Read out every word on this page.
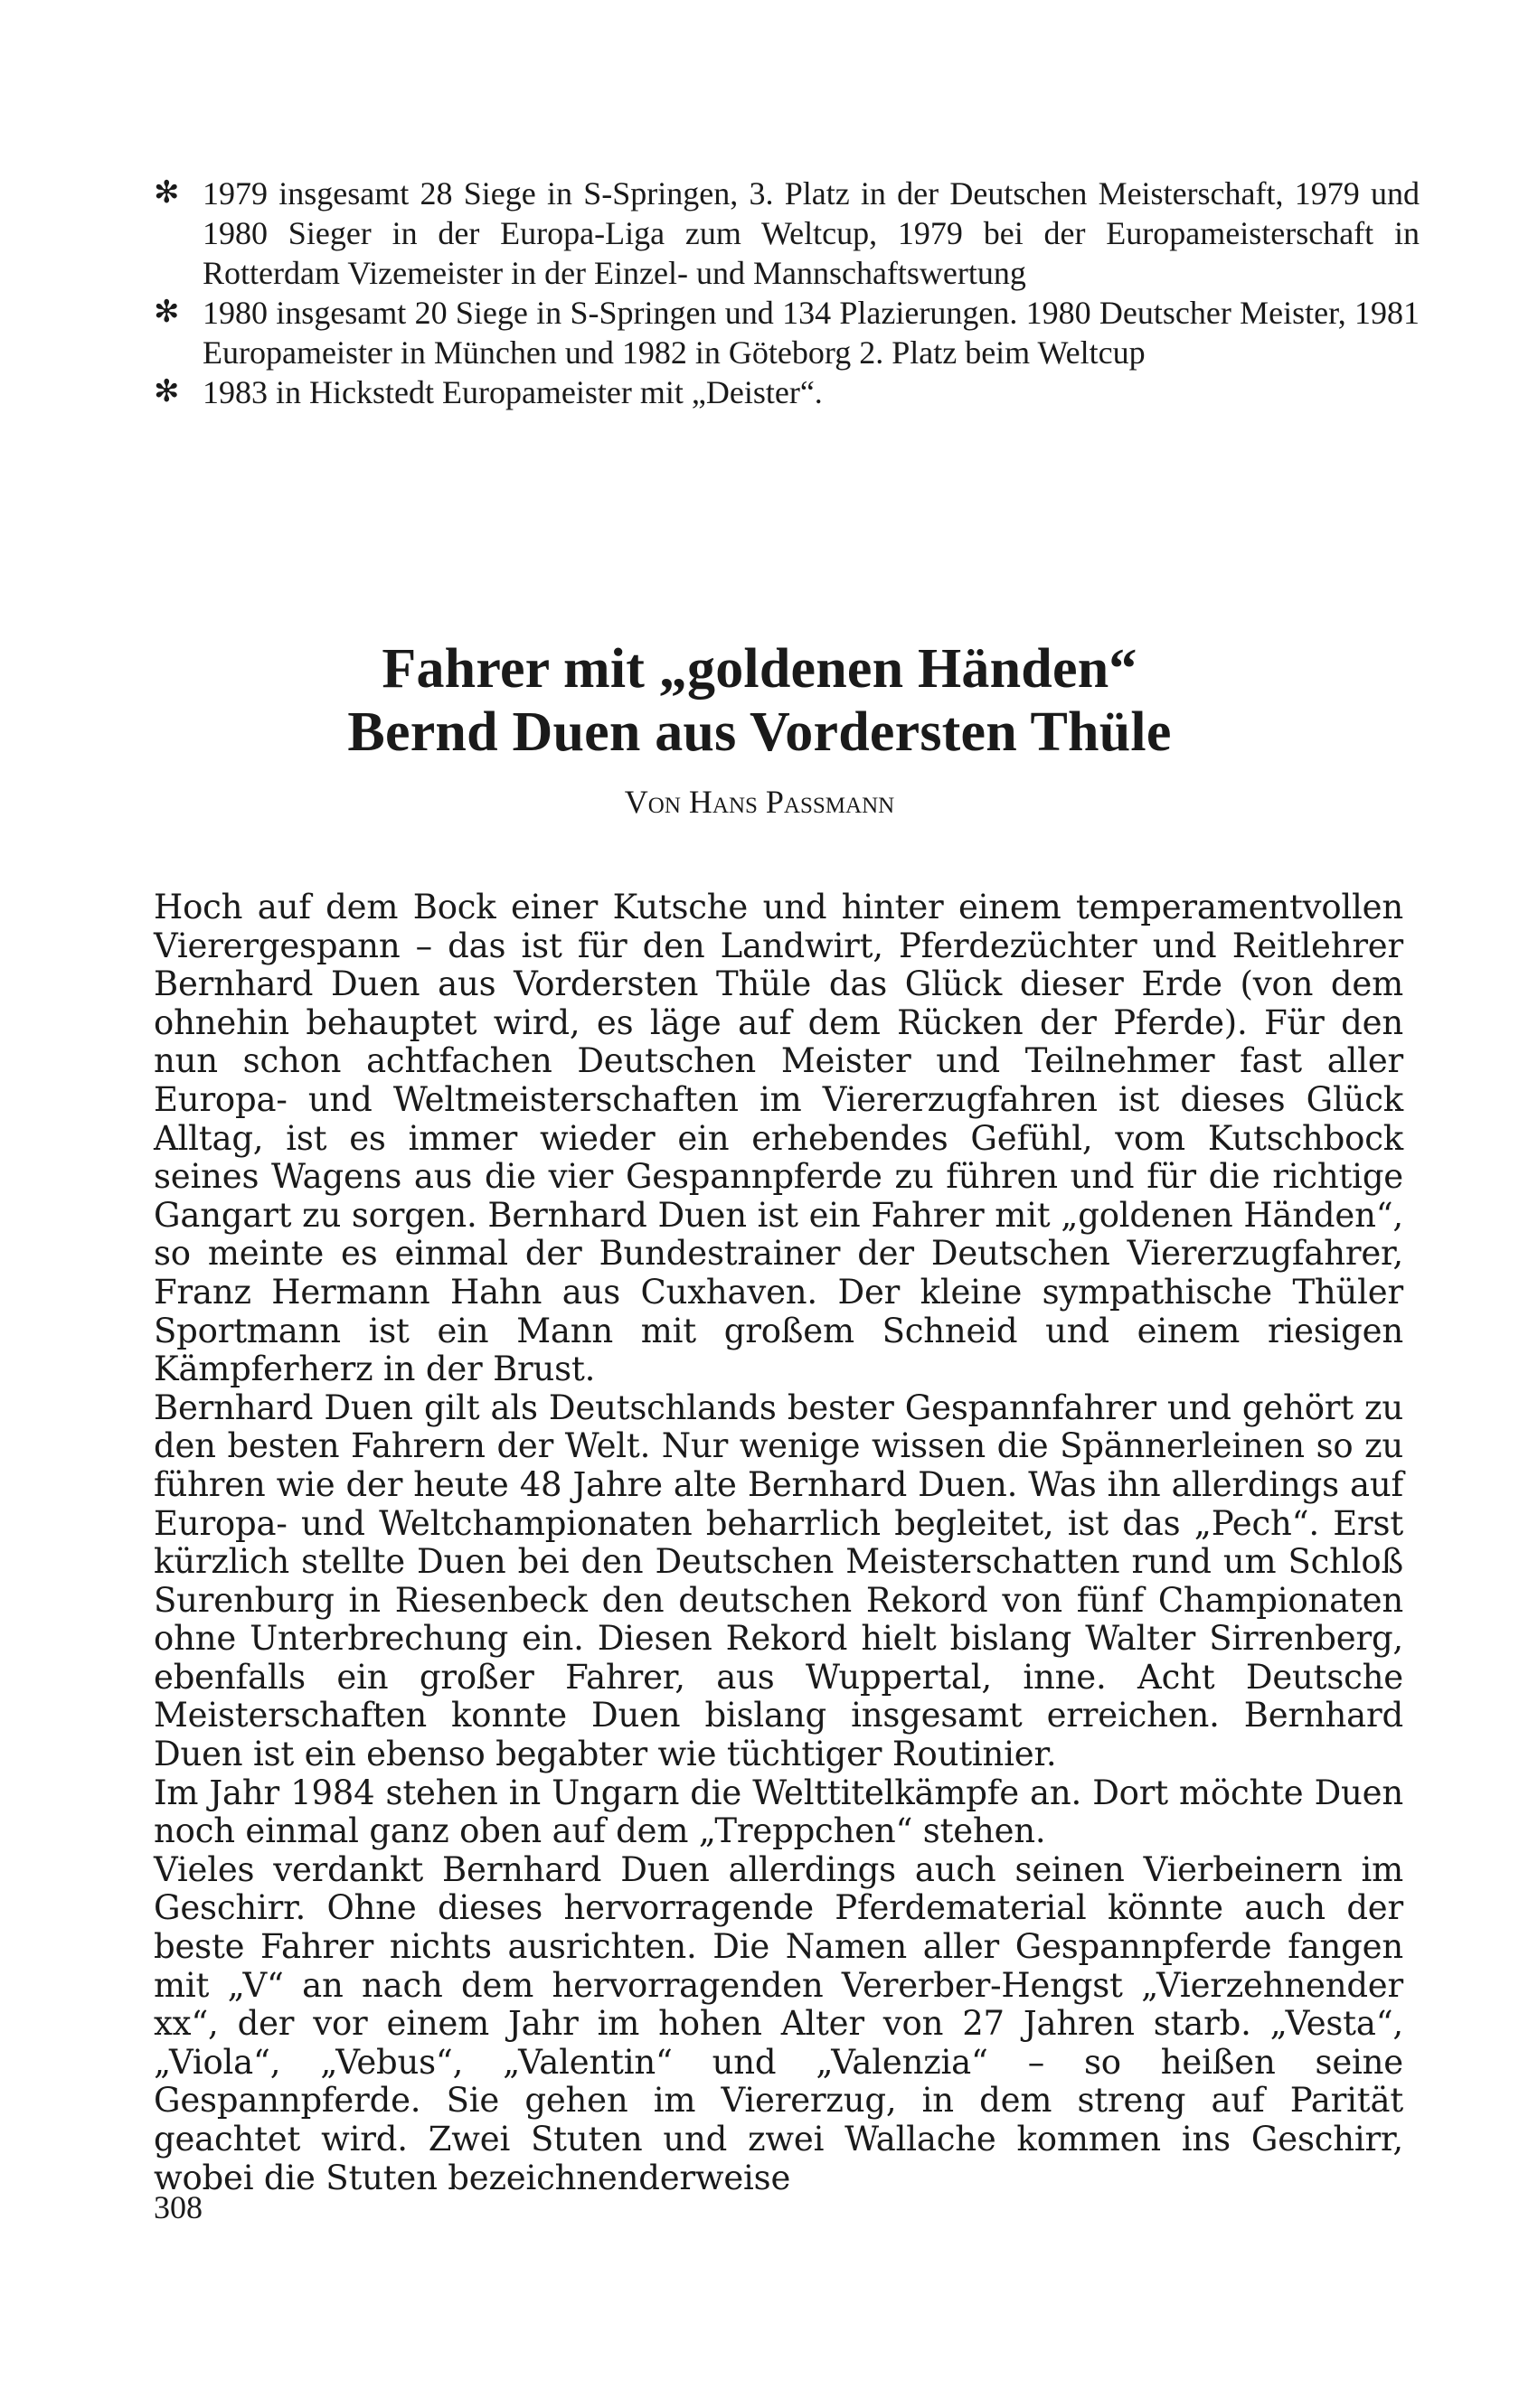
✻ 1979 insgesamt 28 Siege in S-Springen, 3. Platz in der Deutschen Meisterschaft, 1979 und 1980 Sieger in der Europa-Liga zum Weltcup, 1979 bei der Europameisterschaft in Rotterdam Vizemeister in der Einzel- und Mannschaftswertung
✻ 1980 insgesamt 20 Siege in S-Springen und 134 Plazierungen. 1980 Deutscher Meister, 1981 Europameister in München und 1982 in Göteborg 2. Platz beim Weltcup
✻ 1983 in Hickstedt Europameister mit „Deister“.
Fahrer mit „goldenen Händen“
Bernd Duen aus Vordersten Thüle
Von Hans Passmann

Hoch auf dem Bock einer Kutsche und hinter einem temperamentvollen Vierergespann – das ist für den Landwirt, Pferdezüchter und Reitlehrer Bernhard Duen aus Vordersten Thüle das Glück dieser Erde (von dem ohnehin behauptet wird, es läge auf dem Rücken der Pferde). Für den nun schon achtfachen Deutschen Meister und Teilnehmer fast aller Europa- und Weltmeisterschaften im Viererzugfahren ist dieses Glück Alltag, ist es immer wieder ein erhebendes Gefühl, vom Kutschbock seines Wagens aus die vier Gespannpferde zu führen und für die richtige Gangart zu sorgen. Bernhard Duen ist ein Fahrer mit „goldenen Händen“, so meinte es einmal der Bundestrainer der Deutschen Viererzugfahrer, Franz Hermann Hahn aus Cuxhaven. Der kleine sympathische Thüler Sportmann ist ein Mann mit großem Schneid und einem riesigen Kämpferherz in der Brust.

Bernhard Duen gilt als Deutschlands bester Gespannfahrer und gehört zu den besten Fahrern der Welt. Nur wenige wissen die Spännerleinen so zu führen wie der heute 48 Jahre alte Bernhard Duen. Was ihn allerdings auf Europa- und Weltchampionaten beharrlich begleitet, ist das „Pech“. Erst kürzlich stellte Duen bei den Deutschen Meisterschatten rund um Schloß Surenburg in Riesenbeck den deutschen Rekord von fünf Championaten ohne Unterbrechung ein. Diesen Rekord hielt bislang Walter Sirrenberg, ebenfalls ein großer Fahrer, aus Wuppertal, inne. Acht Deutsche Meisterschaften konnte Duen bislang insgesamt erreichen. Bernhard Duen ist ein ebenso begabter wie tüchtiger Routinier.

Im Jahr 1984 stehen in Ungarn die Welttitelkämpfe an. Dort möchte Duen noch einmal ganz oben auf dem „Treppchen“ stehen.

Vieles verdankt Bernhard Duen allerdings auch seinen Vierbeinern im Geschirr. Ohne dieses hervorragende Pferdematerial könnte auch der beste Fahrer nichts ausrichten. Die Namen aller Gespannpferde fangen mit „V“ an nach dem hervorragenden Vererber-Hengst „Vierzehnender xx“, der vor einem Jahr im hohen Alter von 27 Jahren starb. „Vesta“, „Viola“, „Vebus“, „Valentin“ und „Valenzia“ – so heißen seine Gespannpferde. Sie gehen im Viererzug, in dem streng auf Parität geachtet wird. Zwei Stuten und zwei Wallache kommen ins Geschirr, wobei die Stuten bezeichnenderweise

308
